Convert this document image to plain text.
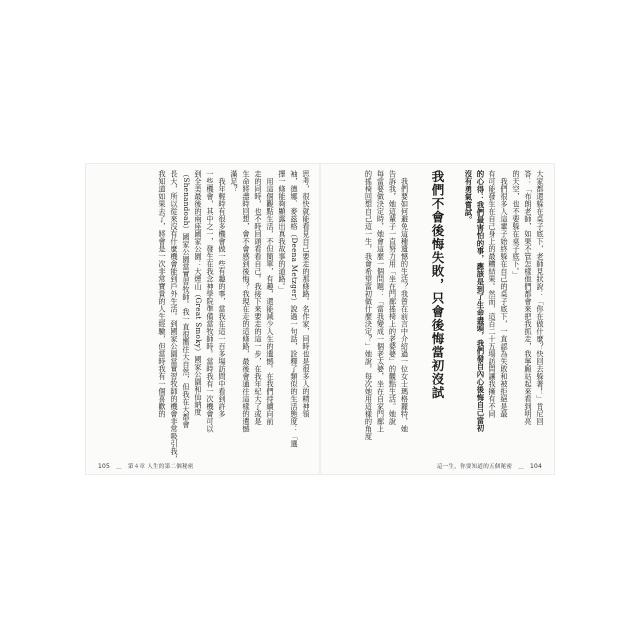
思考，很快就能看見自己要走的那條路。名作家，同時也是很多人的精神領
袖，德娜．麥茲格（Deena Metzger）說過一句話，詮釋了類似的生活態度：「選
擇一條能夠顯露出真我故事的道路。」
　用這個觀點生活，不但簡單，有趣，還能減少人生的遺憾。在我們持續向前
走的同時，也不時回頭看看自己。我接下來要走的這一步，在我年紀大了或是
生命將盡時回想，會不會感到後悔？我現在走的這條路，最後會通往這樣的遺憾
滿足？
　我年輕時有很多機會做一些有趣的事，當我在這一百多場訪問中看到許多
一些機會，其中之一，發生在我念神學院準備當牧師時。當時我有一次機會可以
到全美最後的兩座國家公園：大煙山（Great Smoky）國家公園和仙納度
（Shenandoah）國家公園當實習牧師。我一直很嚮往大自然，但我在大都會
長大，所以從來沒有什麼機會能到戶外生活。到國家公園當實習牧師的機會非常吸引我，
我知道如果去了，將會是一次非常寶貴的人生經驗，但當時我有一個喜歡的
105 ＿ 第４章 人生的第二個秘密
大家都還躲在桌子底下，老師見狀說：「你在做什麼？快回去躲著！」肯尼回
答：「布朗老師，如果不管怎樣他們都會來把我抓走，我寧願站起來看到明亮
的天空，也不要躲在桌子底下。」
　我們很多人這輩子始終躲在自己的桌子底下，一直認為失敗和被拒絕是最
有可能發生在自己身上的最糟結果。然而，這百二十五場訪問讓我擁有不同
的心得：我們最害怕的事，應該是到了生命盡頭，我們發自內心後悔自己當初
沒有勇氣嘗試。
我們不會後悔失敗，只會後悔當初沒試
　我們要如何避免這種遺憾的生活？我曾在前言中介紹過一位女士瑪格麗特，她
告訴我，她這輩子一直努力用「坐在門廊搖椅上的老婆婆」的觀點生活。她說
每當要做決定時，她會這麼一個問題：「當我變成一個老太婆，坐在自家門廊上
的搖椅回想自己這一生，我會希望當初做什麼決定？」她說，每次她用這樣的角度
這一生，你要知道的五個秘密 ＿ 104
